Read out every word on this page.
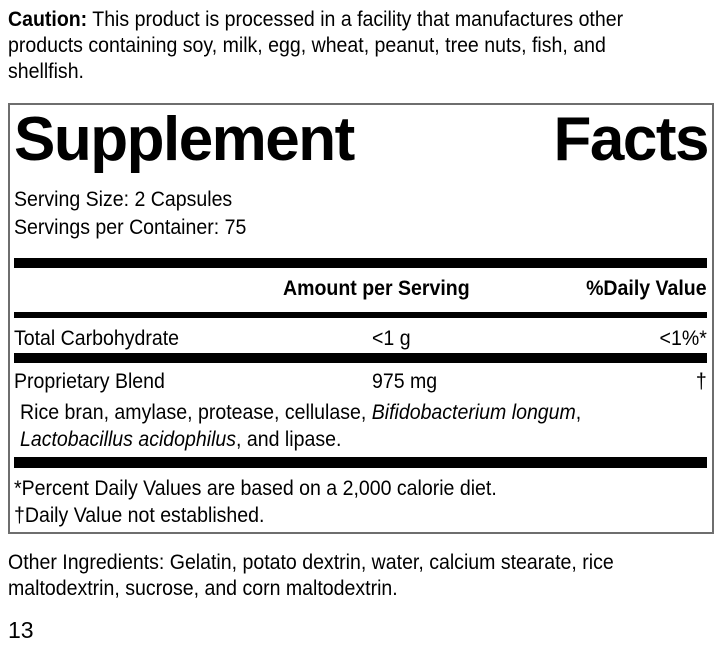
Caution: This product is processed in a facility that manufactures other
products containing soy, milk, egg, wheat, peanut, tree nuts, fish, and
shellfish.
Supplement	Facts
Serving Size: 2 Capsules
Servings per Container: 75
Amount per Serving	%Daily Value
Total Carbohydrate	<1 g	<1%*
Proprietary Blend	975 mg	†
Rice bran, amylase, protease, cellulase, Bifidobacterium longum,
Lactobacillus acidophilus, and lipase.
*Percent Daily Values are based on a 2,000 calorie diet.
†Daily Value not established.
Other Ingredients: Gelatin, potato dextrin, water, calcium stearate, rice
maltodextrin, sucrose, and corn maltodextrin.
13
